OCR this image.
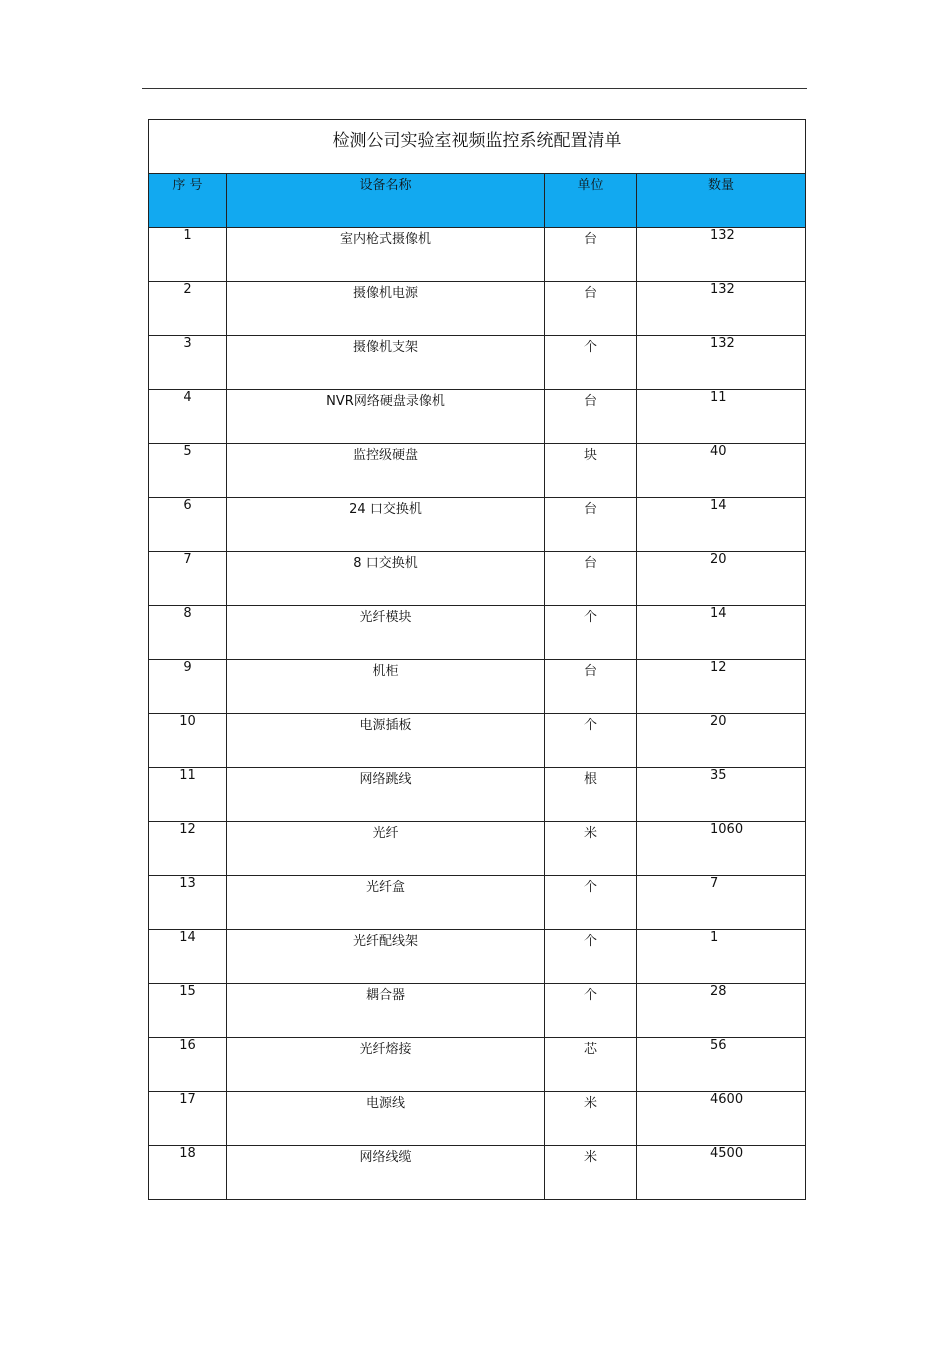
检测公司实验室视频监控系统配置清单			
序 号	设备名称	单位	数量
1	室内枪式摄像机	台	132
2	摄像机电源	台	132
3	摄像机支架	个	132
4	NVR网络硬盘录像机	台	11
5	监控级硬盘	块	40
6	24 口交换机	台	14
7	8 口交换机	台	20
8	光纤模块	个	14
9	机柜	台	12
10	电源插板	个	20
11	网络跳线	根	35
12	光纤	米	1060
13	光纤盒	个	7
14	光纤配线架	个	1
15	耦合器	个	28
16	光纤熔接	芯	56
17	电源线	米	4600
18	网络线缆	米	4500
